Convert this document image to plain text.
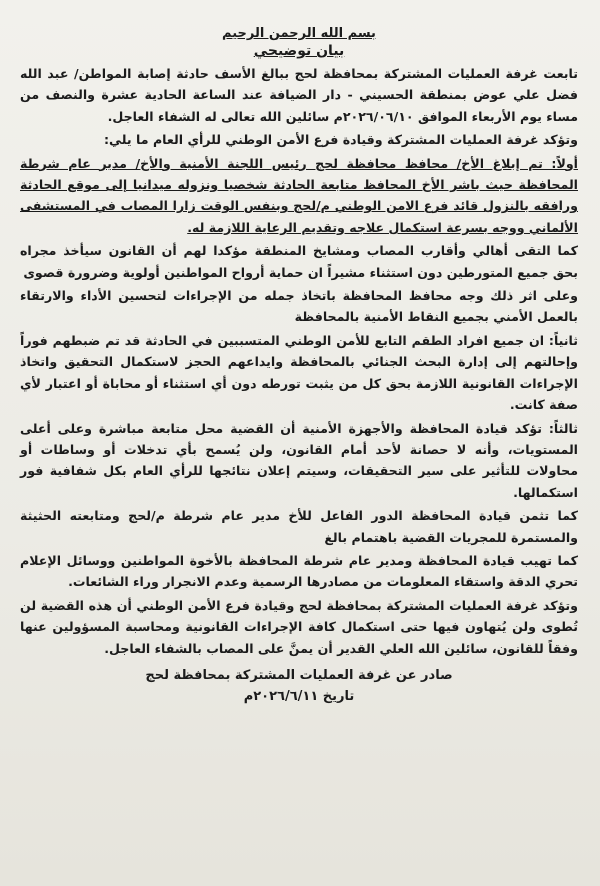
بسم الله الرحمن الرحيم
بيان توضيحي

تابعت غرفة العمليات المشتركة بمحافظة لحج ببالغ الأسف حادثة إصابة المواطن/ عبد الله فضل علي عوض بمنطقة الحسيني - دار الضيافة عند الساعة الحادية عشرة والنصف من مساء يوم الأربعاء الموافق ٢٠٢٦/٠٦/١٠م سائلين الله تعالى له الشفاء العاجل.

وتؤكد غرفة العمليات المشتركة وقيادة فرع الأمن الوطني للرأي العام ما يلي:

أولاً: تم إبلاغ الأخ/ محافظ محافظة لحج رئيس اللجنة الأمنية والأخ/ مدير عام شرطة المحافظة حيث باشر الأخ المحافظ متابعة الحادثة شخصيا ونزوله ميدانيا إلى موقع الحادثة ورافقه بالنزول قائد فرع الامن الوطني م/لحج وبنفس الوقت زارا المصاب في المستشفى الألماني ووجه بسرعة استكمال علاجه وتقديم الرعاية اللازمة له.

كما التقى أهالي وأقارب المصاب ومشايخ المنطقة مؤكدا لهم أن القانون سيأخذ مجراه بحق جميع المتورطين دون استثناء مشيراً ان حماية أرواح المواطنين أولوية وضرورة قصوى

وعلى اثر ذلك وجه محافظ المحافظة باتخاذ جمله من الإجراءات لتحسين الأداء والارتقاء بالعمل الأمني بجميع النقاط الأمنية بالمحافظة

ثانياً: ان جميع افراد الطقم التابع للأمن الوطني المتسببين في الحادثة قد تم ضبطهم فوراً وإحالتهم إلى إدارة البحث الجنائي بالمحافظة وايداعهم الحجز لاستكمال التحقيق واتخاذ الإجراءات القانونية اللازمة بحق كل من يثبت تورطه دون أي استثناء أو محاباة أو اعتبار لأي صفة كانت.

ثالثاً: تؤكد قيادة المحافظة والأجهزة الأمنية أن القضية محل متابعة مباشرة وعلى أعلى المستويات، وأنه لا حصانة لأحد أمام القانون، ولن يُسمح بأي تدخلات أو وساطات أو محاولات للتأثير على سير التحقيقات، وسيتم إعلان نتائجها للرأي العام بكل شفافية فور استكمالها.

كما تثمن قيادة المحافظة الدور الفاعل للأخ مدير عام شرطة م/لحج ومتابعته الحثيثة والمستمرة للمجريات القضية باهتمام بالغ

كما تهيب قيادة المحافظة ومدير عام شرطة المحافظة بالأخوة المواطنين ووسائل الإعلام تحري الدقة واستقاء المعلومات من مصادرها الرسمية وعدم الانجرار وراء الشائعات.

وتؤكد غرفة العمليات المشتركة بمحافظة لحج وقيادة فرع الأمن الوطني أن هذه القضية لن تُطوى ولن يُتهاون فيها حتى استكمال كافة الإجراءات القانونية ومحاسبة المسؤولين عنها وفقاً للقانون، سائلين الله العلي القدير أن يمنَّ على المصاب بالشفاء العاجل.

صادر عن غرفة العمليات المشتركة بمحافظة لحج
تاريخ ٢٠٢٦/٦/١١م
